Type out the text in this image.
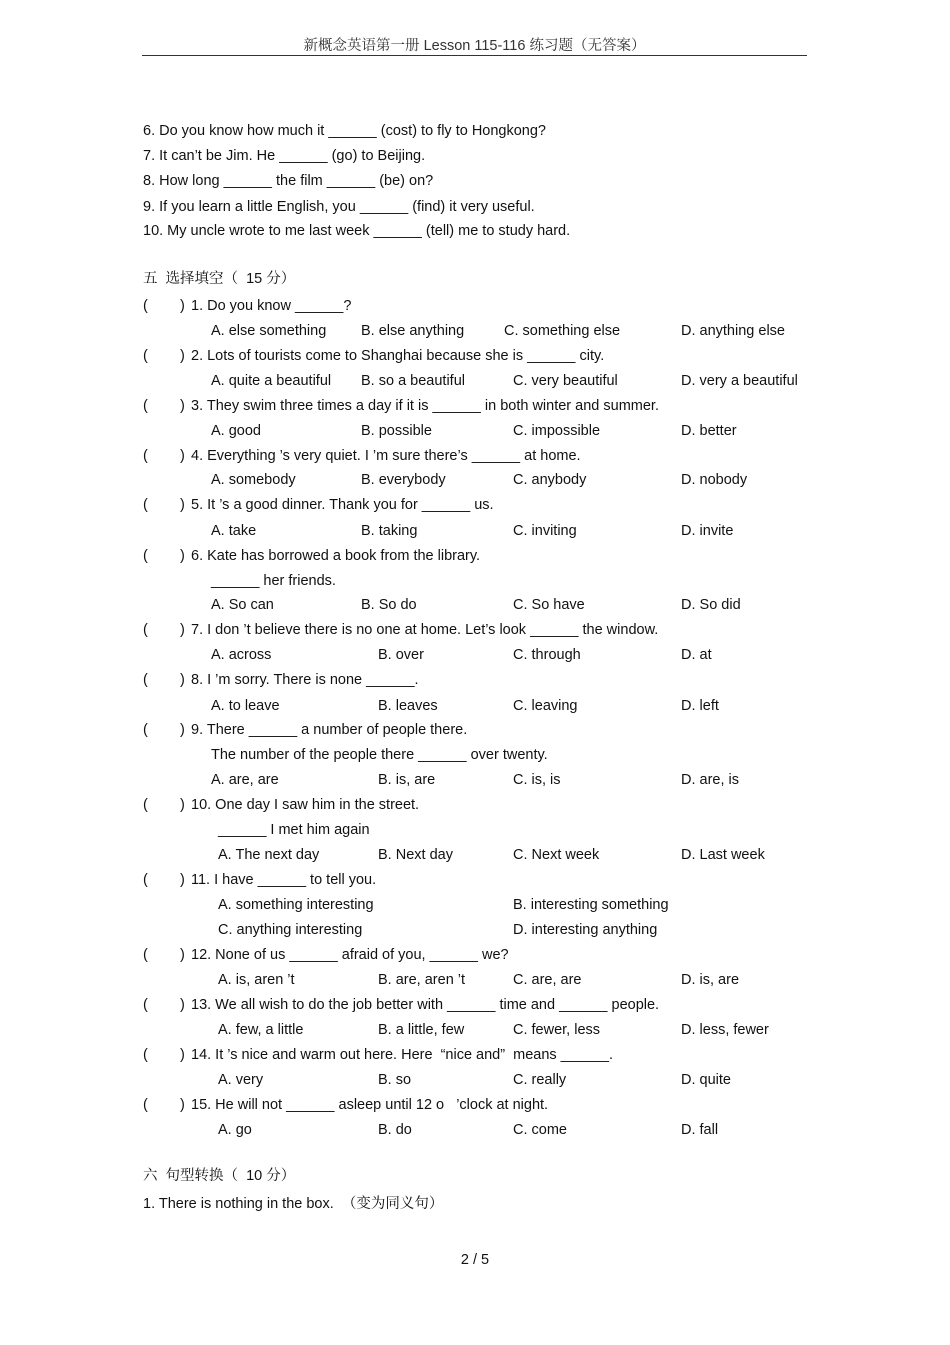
新概念英语第一册 Lesson 115-116 练习题（无答案）
6. Do you know how much it ______ (cost) to fly to Hongkong?
7. It can’t be Jim. He ______ (go) to Beijing.
8. How long ______ the film ______ (be) on?
9. If you learn a little English, you ______ (find) it very useful.
10. My uncle wrote to me last week ______ (tell) me to study hard.
五  选择填空（  15 分）
(        ) 1. Do you know ______?
A. else something B. else anything	C. something else	D. anything else
(        ) 2. Lots of tourists come to Shanghai because she is ______ city.
A. quite a beautiful B. so a beautiful	C. very beautiful	D. very a beautiful
(        ) 3. They swim three times a day if it is ______ in both winter and summer.
A. good	B. possible	C. impossible	D. better
(        ) 4. Everything ’s very quiet. I ’m sure there’s ______ at home.
A. somebody	B. everybody	C. anybody	D. nobody
(        ) 5. It ’s a good dinner. Thank you for ______ us.
A. take	B. taking	C. inviting	D. invite
(        ) 6. Kate has borrowed a book from the library.
______ her friends.
A. So can	B. So do	C. So have	D. So did
(        ) 7. I don ’t believe there is no one at home. Let’s look ______ the window.
A. across	B. over	C. through	D. at
(        ) 8. I ’m sorry. There is none ______.
A. to leave	B. leaves	C. leaving	D. left
(        ) 9. There ______ a number of people there.
The number of the people there ______ over twenty.
A. are, are	B. is, are	C. is, is	D. are, is
(        ) 10. One day I saw him in the street.
______ I met him again
A. The next day	B. Next day	C. Next week	D. Last week
(        ) 11. I have ______ to tell you.
A. something interesting	B. interesting something
C. anything interesting	D. interesting anything
(        ) 12. None of us ______ afraid of you, ______ we?
A. is, aren ’t	B. are, aren ’t	C. are, are	D. is, are
(        ) 13. We all wish to do the job better with ______ time and ______ people.
A. few, a little	B. a little, few	C. fewer, less	D. less, fewer
(        ) 14. It ’s nice and warm out here. Here  “nice and”  means ______.
A. very	B. so	C. really	D. quite
(        ) 15. He will not ______ asleep until 12 o   ’clock at night.
A. go	B. do	C. come	D. fall
六  句型转换（  10 分）
1. There is nothing in the box.  （变为同义句）
2 / 5
